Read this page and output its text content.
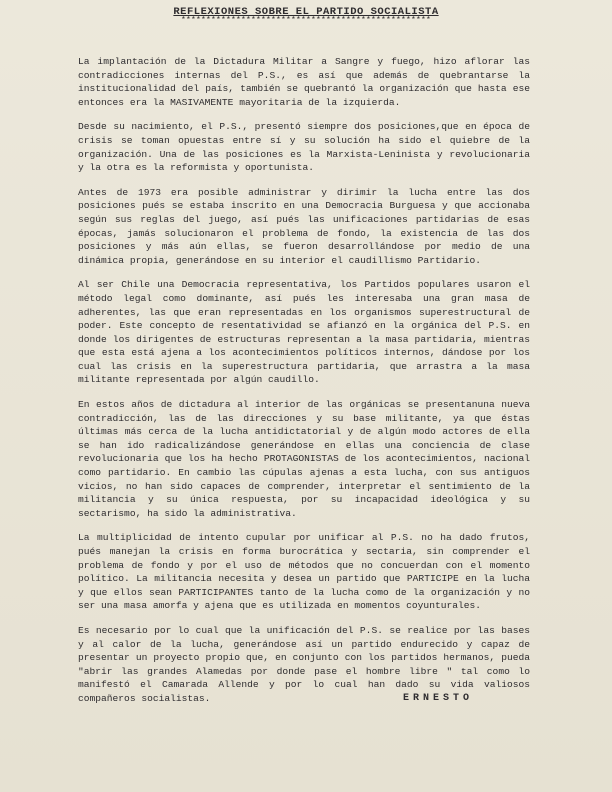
REFLEXIONES SOBRE EL PARTIDO SOCIALISTA
**************************************************

La implantación de la Dictadura Militar a Sangre y fuego, hizo aflorar las contradicciones internas del P.S., es así que además de quebrantarse la institucionalidad del país, también se quebrantó la organización que hasta ese entonces era la MASIVAMENTE mayoritaria de la izquierda.

Desde su nacimiento, el P.S., presentó siempre dos posiciones,que en época de crisis se toman opuestas entre sí y su solución ha sido el quiebre de la organización. Una de las posiciones es la Marxista-Leninista y revolucionaria y la otra es la reformista y oportunista.

Antes de 1973 era posible administrar y dirimir la lucha entre las dos posiciones pués se estaba inscrito en una Democracia Burguesa y que accionaba según sus reglas del juego, así pués las unificaciones partidarias de esas épocas, jamás solucionaron el problema de fondo, la existencia de las dos posiciones y más aún ellas, se fueron desarrollándose por medio de una dinámica propia, generándose en su interior el caudillismo Partidario.

Al ser Chile una Democracia representativa, los Partidos populares usaron el método legal como dominante, así pués les interesaba una gran masa de adherentes, las que eran representadas en los organismos superestructural de poder. Este concepto de resentatividad se afianzó en la orgánica del P.S. en donde los dirigentes de estructuras representan a la masa partidaria, mientras que esta está ajena a los acontecimientos políticos internos, dándose por los cual las crisis en la superestructura partidaria, que arrastra a la masa militante representada por algún caudillo.

En estos años de dictadura al interior de las orgánicas se presentanuna nueva contradicción, las de las direcciones y su base militante, ya que éstas últimas más cerca de la lucha antidictatorial y de algún modo actores de ella se han ido radicalizándose generándose en ellas una conciencia de clase revolucionaria que los ha hecho PROTAGONISTAS de los acontecimientos, nacional como partidario. En cambio las cúpulas ajenas a esta lucha, con sus antiguos vicios, no han sido capaces de comprender, interpretar el sentimiento de la militancia y su única respuesta, por su incapacidad ideológica y su sectarismo, ha sido la administrativa.

La multiplicidad de intento cupular por unificar al P.S. no ha dado frutos, pués manejan la crisis en forma burocrática y sectaria, sin comprender el problema de fondo y por el uso de métodos que no concuerdan con el momento político. La militancia necesita y desea un partido que PARTICIPE en la lucha y que ellos sean PARTICIPANTES tanto de la lucha como de la organización y no ser una masa amorfa y ajena que es utilizada en momentos coyunturales.

Es necesario por lo cual que la unificación del P.S. se realice por las bases y al calor de la lucha, generándose así un partido endurecido y capaz de presentar un proyecto propio que, en conjunto con los partidos hermanos, pueda "abrir las grandes Alamedas por donde pase el hombre libre " tal como lo manifestó el Camarada Allende y por lo cual han dado su vida valiosos compañeros socialistas.	ERNESTO
